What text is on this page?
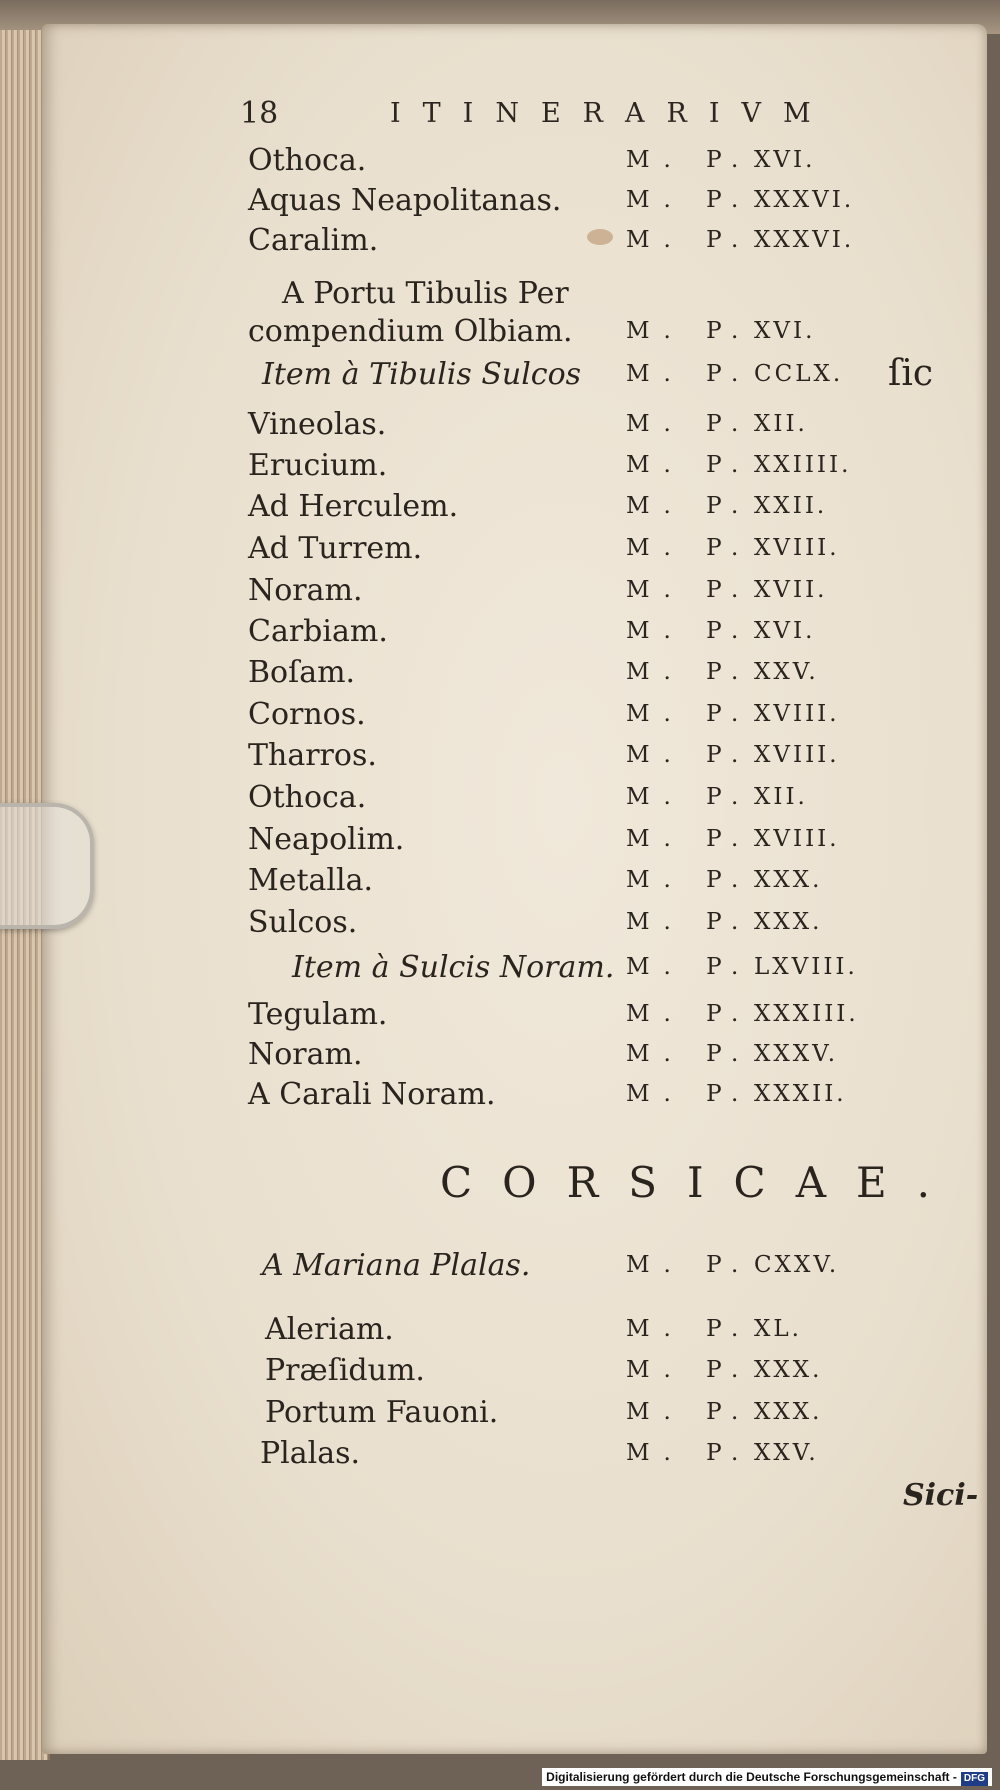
18	ITINERARIVM
Othoca.	M. P.XVI.
Aquas Neapolitanas.	M. P.XXXVI.
Caralim.	M. P.XXXVI.
A Portu Tibulis Per
compendium Olbiam. M. P.XVI.
Item à Tibulis Sulcos M. P.CCLX. ſic
Vineolas.	M. P.XII.
Erucium.	M. P.XXIIII.
Ad Herculem.	M. P.XXII.
Ad Turrem.	M. P.XVIII.
Noram.	M. P.XVII.
Carbiam.	M. P.XVI.
Boſam.	M. P.XXV.
Cornos.	M. P.XVIII.
Tharros.	M. P.XVIII.
Othoca.	M. P.XII.
Neapolim.	M. P.XVIII.
Metalla.	M. P.XXX.
Sulcos.	M. P.XXX.
Item à Sulcis Noram. M. P.LXVIII.
Tegulam.	M. P.XXXIII.
Noram.	M. P.XXXV.
A Carali Noram.	M. P.XXXII.
CORSICAE.
A Mariana Plalas.	M. P.CXXV.
Aleriam.	M. P.XL.
Præſidum.	M. P.XXX.
Portum Fauoni.	M. P.XXX.
Plalas.	M. P.XXV.
Sici-
Digitalisierung gefördert durch die Deutsche Forschungsgemeinschaft - DFG
